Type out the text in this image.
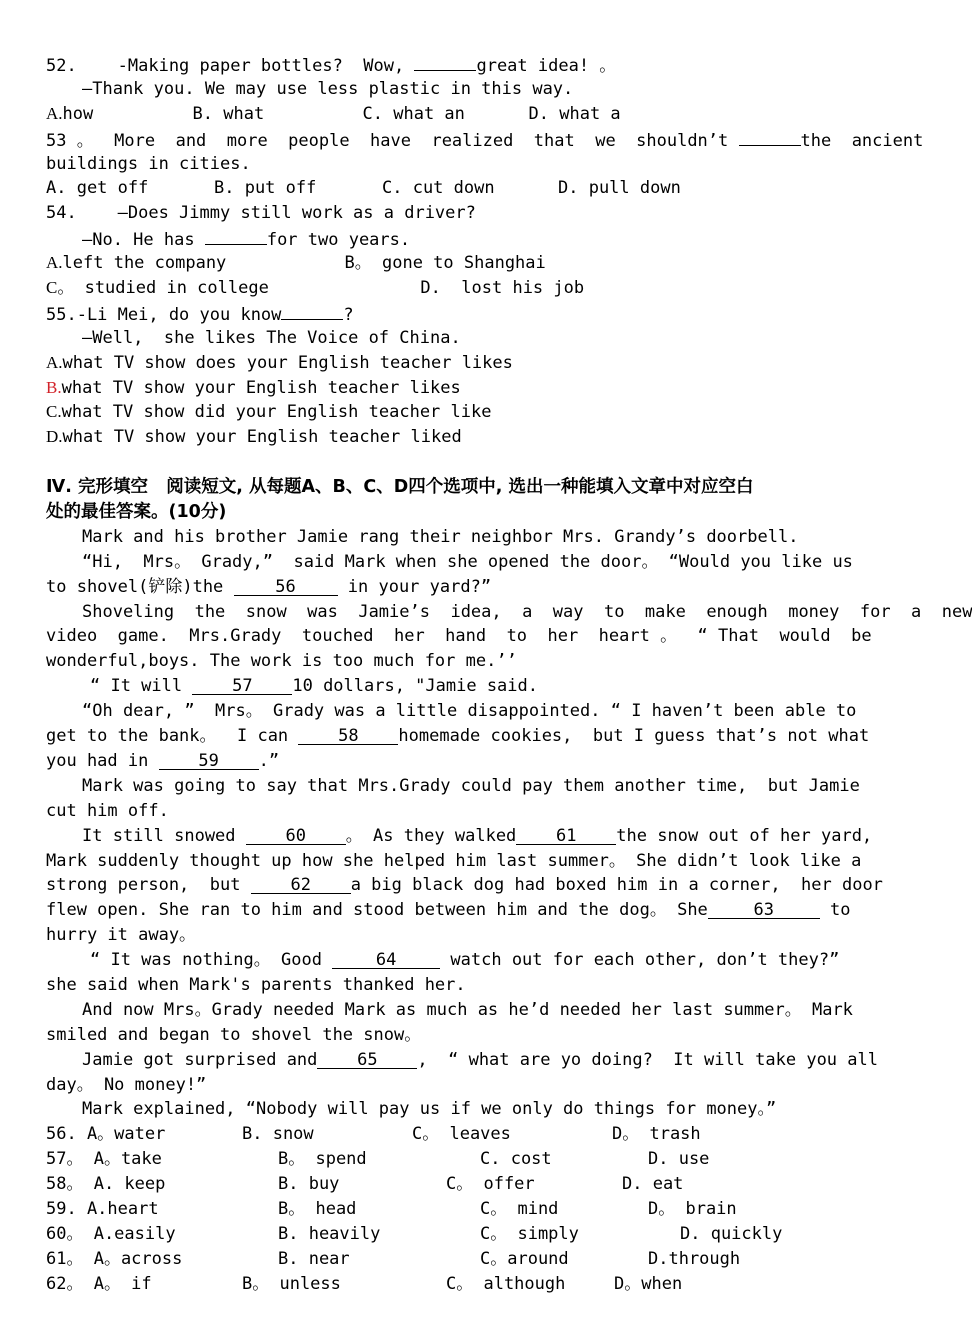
52.    -Making paper bottles?  Wow,	great idea! 。
—Thank you. We may use less plastic in this way.
A. how	B. what	C. what an	D. what a
53 。  More  and  more  people  have  realized  that  we  shouldn’t	the  ancient
buildings in cities.
A. get off	B. put off	C. cut down	D. pull down
54.    —Does Jimmy still work as a driver?
—No. He has	for two years.
A. left the company	B。 gone to Shanghai
C。 studied in college	D.  lost his job
55.-Li Mei, do you know	?
—Well,  she likes The Voice of China.
A.what TV show does your English teacher likes
B.what TV show your English teacher likes
C.what TV show did your English teacher like
D.what TV show your English teacher liked
Ⅳ. 完形填空   阅读短文, 从每题A、B、C、D四个选项中, 选出一种能填入文章中对应空白
处的最佳答案。(10分)
Mark and his brother Jamie rang their neighbor Mrs. Grandy’s doorbell.
“Hi,  Mrs。 Grady,”  said Mark when she opened the door。 “Would you like us
to shovel(铲除)the 56 in your yard?”
Shoveling  the  snow  was  Jamie’s  idea,  a  way  to  make  enough  money  for  a  new
video  game.  Mrs.Grady  touched  her  hand  to  her  heart 。  “ That  would  be
wonderful,boys. The work is too much for me.’’
“ It will 57 10 dollars, "Jamie said.
“Oh dear, ”  Mrs。 Grady was a little disappointed. “ I haven’t been able to
get to the bank。  I can 58 homemade cookies,  but I guess that’s not what
you had in 59 .”
Mark was going to say that Mrs.Grady could pay them another time,  but Jamie
cut him off.
It still snowed 60 。 As they walked 61 the snow out of her yard,
Mark suddenly thought up how she helped him last summer。 She didn’t look like a
strong person,  but 62 a big black dog had boxed him in a corner,  her door
flew open. She ran to him and stood between him and the dog。 She	63	to
hurry it away。
“ It was nothing。 Good	64	watch out for each other, don’t they?”
she said when Mark's parents thanked her.
And now Mrs。Grady needed Mark as much as he’d needed her last summer。 Mark
smiled and began to shovel the snow。
Jamie got surprised and 65 ,  “ what are yo doing?  It will take you all
day。 No money!”
Mark explained, “Nobody will pay us if we only do things for money。”
56. A。water	B. snow	C。 leaves	D。 trash
57。 A。take	B。 spend	C. cost	D. use
58。 A. keep	B. buy	C。 offer	D. eat
59. A.heart	B。 head	C。 mind	D。 brain
60。 A.easily	B. heavily	C。 simply	D. quickly
61。 A。across	B. near	C。around	D.through
62。 A。 if	B。 unless	C。 although	D。when
